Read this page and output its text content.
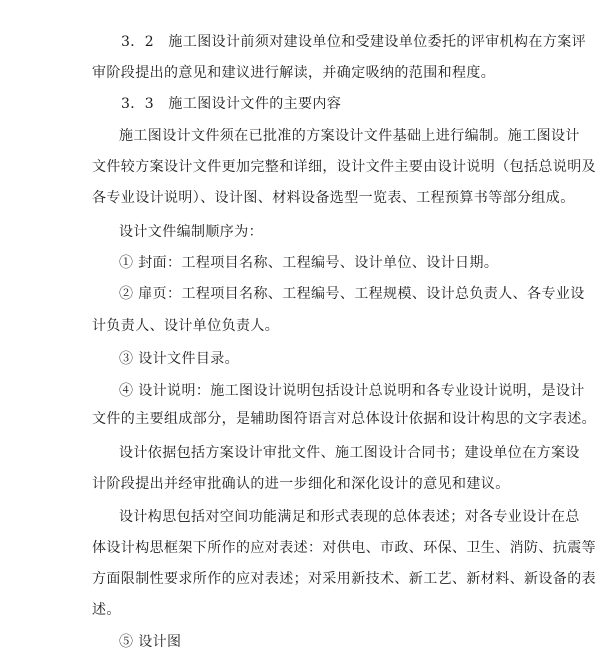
3．2　施工图设计前须对建设单位和受建设单位委托的评审机构在方案评
审阶段提出的意见和建议进行解读，并确定吸纳的范围和程度。
3．3　施工图设计文件的主要内容
施工图设计文件须在已批准的方案设计文件基础上进行编制。施工图设计
文件较方案设计文件更加完整和详细，设计文件主要由设计说明（包括总说明及
各专业设计说明）、设计图、材料设备选型一览表、工程预算书等部分组成。
设计文件编制顺序为：
① 封面：工程项目名称、工程编号、设计单位、设计日期。
② 扉页：工程项目名称、工程编号、工程规模、设计总负责人、各专业设
计负责人、设计单位负责人。
③ 设计文件目录。
④ 设计说明：施工图设计说明包括设计总说明和各专业设计说明，是设计
文件的主要组成部分，是辅助图符语言对总体设计依据和设计构思的文字表述。
设计依据包括方案设计审批文件、施工图设计合同书；建设单位在方案设
计阶段提出并经审批确认的进一步细化和深化设计的意见和建议。
设计构思包括对空间功能满足和形式表现的总体表述；对各专业设计在总
体设计构思框架下所作的应对表述：对供电、市政、环保、卫生、消防、抗震等
方面限制性要求所作的应对表述；对采用新技术、新工艺、新材料、新设备的表
述。
⑤ 设计图
